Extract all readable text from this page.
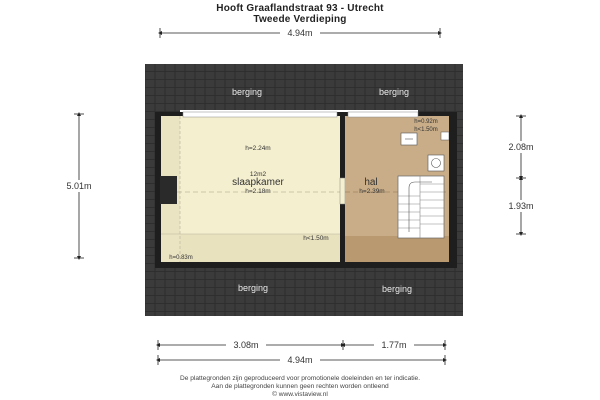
Hooft Graaflandstraat 93 - Utrecht
Tweede Verdieping
4.94m
berging	berging
berging	berging
h=2.24m
12m2
slaapkamer
h=2.18m
h<1.50m
h=0.83m
hal
h=2.39m
h=0.92m
h<1.50m
5.01m
2.08m
1.93m
3.08m	1.77m
4.94m
De plattegronden zijn geproduceerd voor promotionele doeleinden en ter indicatie.
Aan de plattegronden kunnen geen rechten worden ontleend
© www.vistaview.nl
